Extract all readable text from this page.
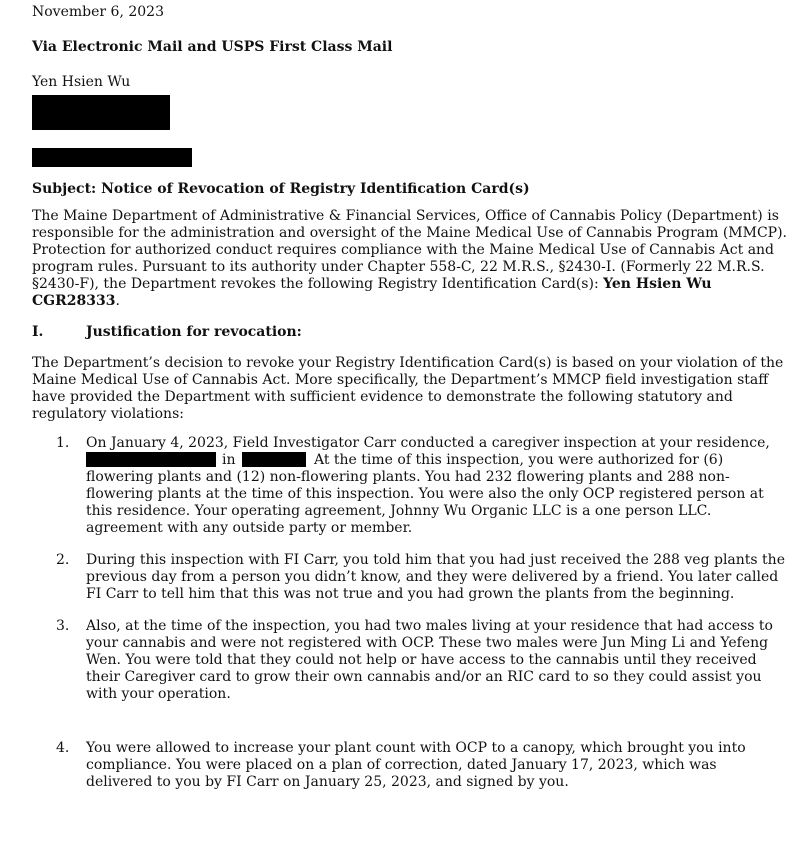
November 6, 2023
Via Electronic Mail and USPS First Class Mail
Yen Hsien Wu
Subject: Notice of Revocation of Registry Identification Card(s)
The Maine Department of Administrative & Financial Services, Office of Cannabis Policy (Department) is
responsible for the administration and oversight of the Maine Medical Use of Cannabis Program (MMCP).
Protection for authorized conduct requires compliance with the Maine Medical Use of Cannabis Act and
program rules. Pursuant to its authority under Chapter 558-C, 22 M.R.S., §2430-I. (Formerly 22 M.R.S.
§2430-F), the Department revokes the following Registry Identification Card(s): Yen Hsien Wu
CGR28333.
I.	Justification for revocation:
The Department’s decision to revoke your Registry Identification Card(s) is based on your violation of the
Maine Medical Use of Cannabis Act. More specifically, the Department’s MMCP field investigation staff
have provided the Department with sufficient evidence to demonstrate the following statutory and
regulatory violations:
1.	On January 4, 2023, Field Investigator Carr conducted a caregiver inspection at your residence,
in	At the time of this inspection, you were authorized for (6)
flowering plants and (12) non-flowering plants. You had 232 flowering plants and 288 non-
flowering plants at the time of this inspection. You were also the only OCP registered person at
this residence. Your operating agreement, Johnny Wu Organic LLC is a one person LLC.
agreement with any outside party or member.
2.	During this inspection with FI Carr, you told him that you had just received the 288 veg plants the
previous day from a person you didn’t know, and they were delivered by a friend. You later called
FI Carr to tell him that this was not true and you had grown the plants from the beginning.
3.	Also, at the time of the inspection, you had two males living at your residence that had access to
your cannabis and were not registered with OCP. These two males were Jun Ming Li and Yefeng
Wen. You were told that they could not help or have access to the cannabis until they received
their Caregiver card to grow their own cannabis and/or an RIC card to so they could assist you
with your operation.
4.	You were allowed to increase your plant count with OCP to a canopy, which brought you into
compliance. You were placed on a plan of correction, dated January 17, 2023, which was
delivered to you by FI Carr on January 25, 2023, and signed by you.
